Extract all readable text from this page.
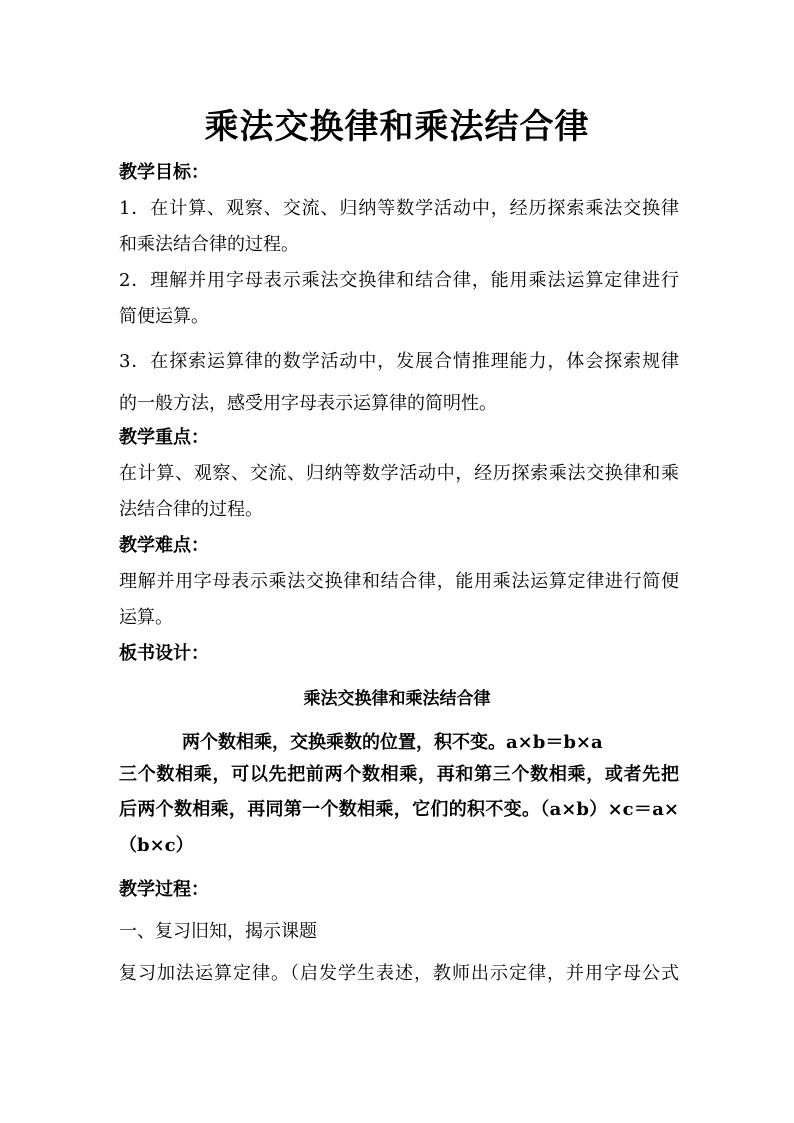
乘法交换律和乘法结合律
教学目标：
1．在计算、观察、交流、归纳等数学活动中，经历探索乘法交换律
和乘法结合律的过程。
2．理解并用字母表示乘法交换律和结合律，能用乘法运算定律进行
简便运算。
3．在探索运算律的数学活动中，发展合情推理能力，体会探索规律
的一般方法，感受用字母表示运算律的简明性。
教学重点：
在计算、观察、交流、归纳等数学活动中，经历探索乘法交换律和乘
法结合律的过程。
教学难点：
理解并用字母表示乘法交换律和结合律，能用乘法运算定律进行简便
运算。
板书设计：
乘法交换律和乘法结合律
两个数相乘，交换乘数的位置，积不变。a×b＝b×a
三个数相乘，可以先把前两个数相乘，再和第三个数相乘，或者先把
后两个数相乘，再同第一个数相乘，它们的积不变。（a×b）×c＝a×
（b×c）
教学过程：
一、复习旧知，揭示课题
复习加法运算定律。（启发学生表述，教师出示定律，并用字母公式
